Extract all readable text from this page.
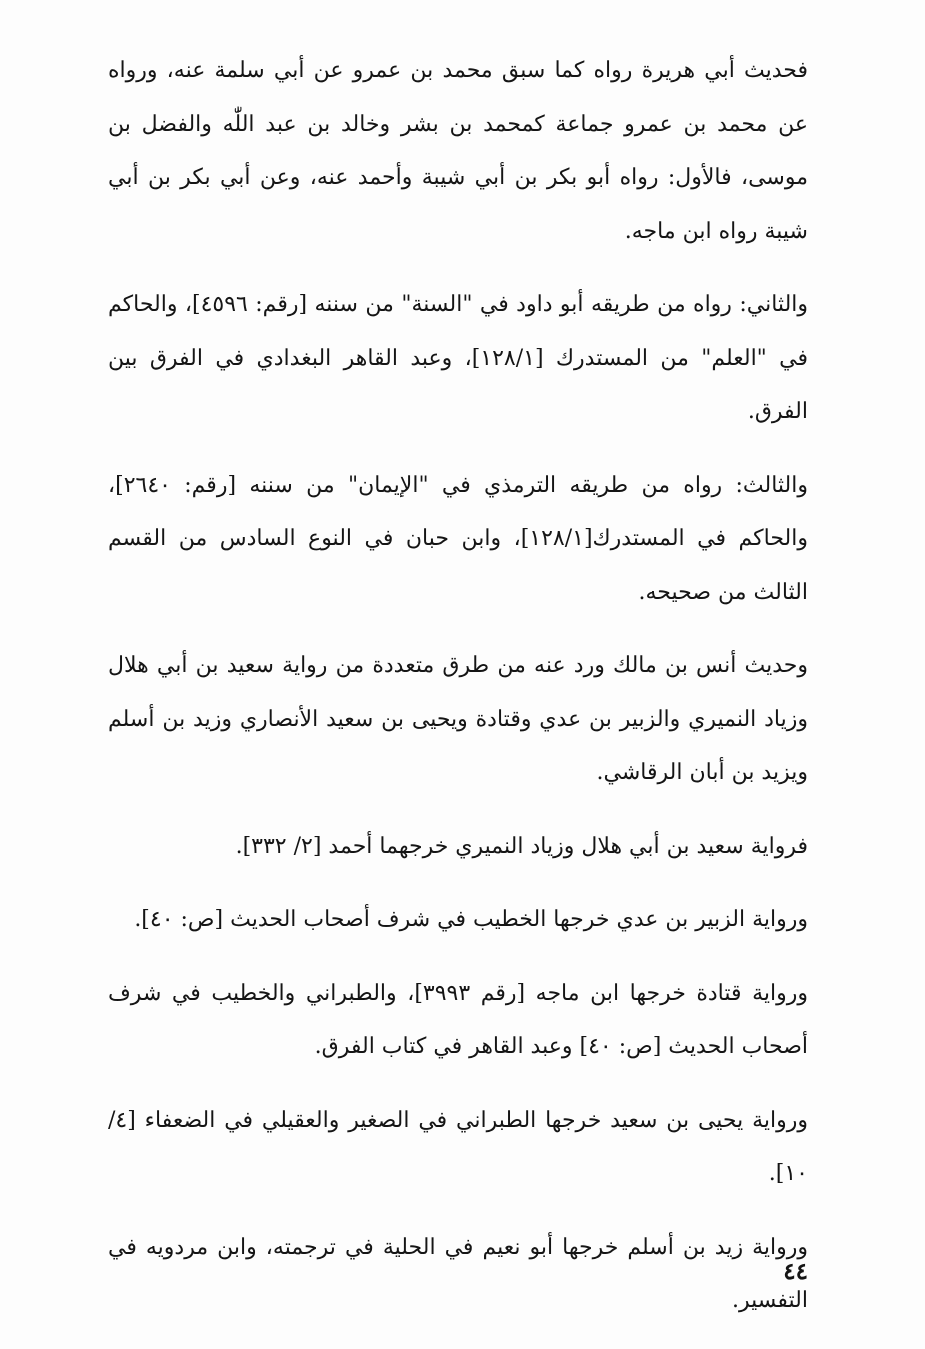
فحديث أبي هريرة رواه كما سبق محمد بن عمرو عن أبي سلمة عنه، ورواه عن محمد بن عمرو جماعة كمحمد بن بشر وخالد بن عبد اللّٰه والفضل بن موسى، فالأول: رواه أبو بكر بن أبي شيبة وأحمد عنه، وعن أبي بكر بن أبي شيبة رواه ابن ماجه.

والثاني: رواه من طريقه أبو داود في "السنة" من سننه [رقم: ٤٥٩٦]، والحاكم في "العلم" من المستدرك [١٢٨/١]، وعبد القاهر البغدادي في الفرق بين الفرق.

والثالث: رواه من طريقه الترمذي في "الإيمان" من سننه [رقم: ٢٦٤٠]، والحاكم في المستدرك[١٢٨/١]، وابن حبان في النوع السادس من القسم الثالث من صحيحه.

وحديث أنس بن مالك ورد عنه من طرق متعددة من رواية سعيد بن أبي هلال وزياد النميري والزبير بن عدي وقتادة ويحيى بن سعيد الأنصاري وزيد بن أسلم ويزيد بن أبان الرقاشي.

فرواية سعيد بن أبي هلال وزياد النميري خرجهما أحمد [٢/ ٣٣٢].

ورواية الزبير بن عدي خرجها الخطيب في شرف أصحاب الحديث [ص: ٤٠].

ورواية قتادة خرجها ابن ماجه [رقم ٣٩٩٣]، والطبراني والخطيب في شرف أصحاب الحديث [ص: ٤٠] وعبد القاهر في كتاب الفرق.

ورواية يحيى بن سعيد خرجها الطبراني في الصغير والعقيلي في الضعفاء [٤/ ١٠].

ورواية زيد بن أسلم خرجها أبو نعيم في الحلية في ترجمته، وابن مردويه في التفسير.

٤٤
